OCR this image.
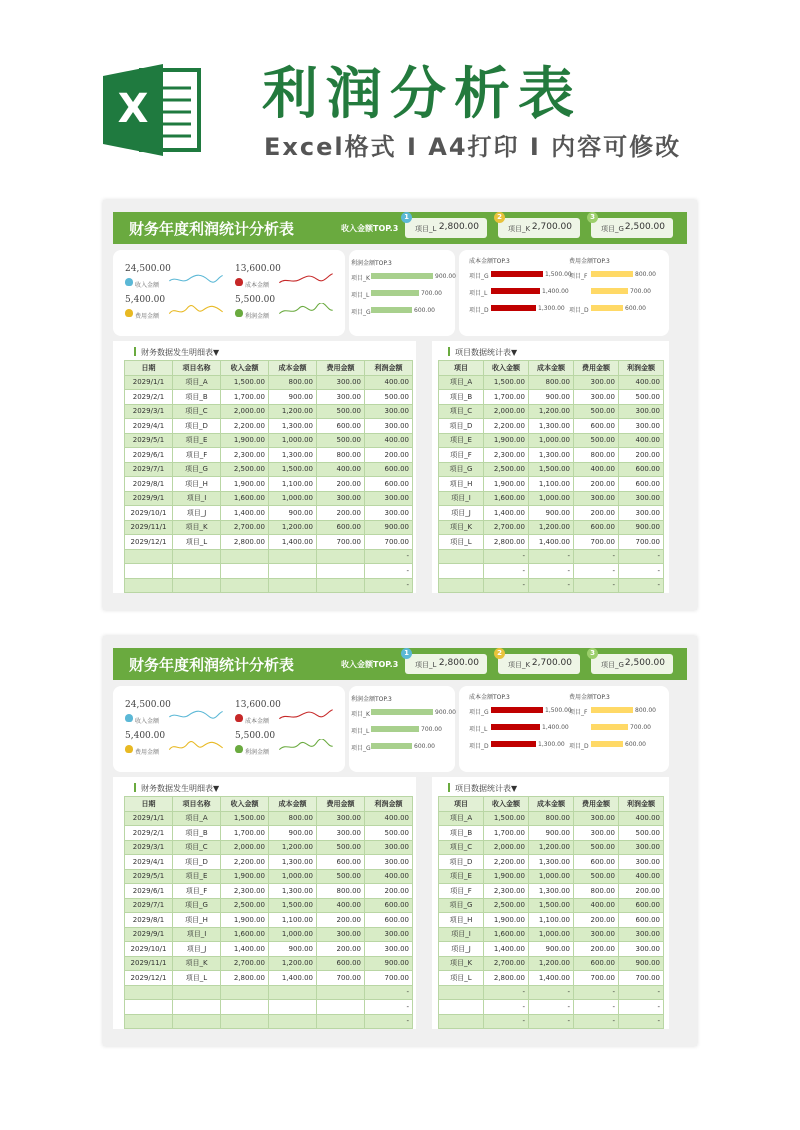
X 利润分析表
Excel格式 I A4打印 I 内容可修改
财务年度利润统计分析表	收入金额TOP.3
1
项目_L 2,800.00
2
项目_K 2,700.00
3
项目_G 2,500.00
24,500.00
收入金额
13,600.00
成本金额
5,400.00
费用金额
5,500.00
利润金额
利润金额TOP.3
项目_K	900.00
项目_L	700.00
项目_G	600.00
成本金额TOP.3
项目_G	1,500.00
项目_L	1,400.00
项目_D	1,300.00
费用金额TOP.3
项目_F	800.00
700.00
项目_D	600.00
财务数据发生明细表▼
日期	项目名称	收入金额	成本金额	费用金额	利润金额
2029/1/1	项目_A	1,500.00	800.00	300.00	400.00
2029/2/1	项目_B	1,700.00	900.00	300.00	500.00
2029/3/1	项目_C	2,000.00	1,200.00	500.00	300.00
2029/4/1	项目_D	2,200.00	1,300.00	600.00	300.00
2029/5/1	项目_E	1,900.00	1,000.00	500.00	400.00
2029/6/1	项目_F	2,300.00	1,300.00	800.00	200.00
2029/7/1	项目_G	2,500.00	1,500.00	400.00	600.00
2029/8/1	项目_H	1,900.00	1,100.00	200.00	600.00
2029/9/1	项目_I	1,600.00	1,000.00	300.00	300.00
2029/10/1	项目_J	1,400.00	900.00	200.00	300.00
2029/11/1	项目_K	2,700.00	1,200.00	600.00	900.00
2029/12/1	项目_L	2,800.00	1,400.00	700.00	700.00
					-
					-
					-
项目数据统计表▼
项目	收入金额	成本金额	费用金额	利润金额
项目_A	1,500.00	800.00	300.00	400.00
项目_B	1,700.00	900.00	300.00	500.00
项目_C	2,000.00	1,200.00	500.00	300.00
项目_D	2,200.00	1,300.00	600.00	300.00
项目_E	1,900.00	1,000.00	500.00	400.00
项目_F	2,300.00	1,300.00	800.00	200.00
项目_G	2,500.00	1,500.00	400.00	600.00
项目_H	1,900.00	1,100.00	200.00	600.00
项目_I	1,600.00	1,000.00	300.00	300.00
项目_J	1,400.00	900.00	200.00	300.00
项目_K	2,700.00	1,200.00	600.00	900.00
项目_L	2,800.00	1,400.00	700.00	700.00
	-	-	-	-
	-	-	-	-
	-	-	-	-
财务年度利润统计分析表	收入金额TOP.3
1
项目_L 2,800.00
2
项目_K 2,700.00
3
项目_G 2,500.00
24,500.00
收入金额
13,600.00
成本金额
5,400.00
费用金额
5,500.00
利润金额
利润金额TOP.3
项目_K	900.00
项目_L	700.00
项目_G	600.00
成本金额TOP.3
项目_G	1,500.00
项目_L	1,400.00
项目_D	1,300.00
费用金额TOP.3
项目_F	800.00
700.00
项目_D	600.00
财务数据发生明细表▼
日期	项目名称	收入金额	成本金额	费用金额	利润金额
2029/1/1	项目_A	1,500.00	800.00	300.00	400.00
2029/2/1	项目_B	1,700.00	900.00	300.00	500.00
2029/3/1	项目_C	2,000.00	1,200.00	500.00	300.00
2029/4/1	项目_D	2,200.00	1,300.00	600.00	300.00
2029/5/1	项目_E	1,900.00	1,000.00	500.00	400.00
2029/6/1	项目_F	2,300.00	1,300.00	800.00	200.00
2029/7/1	项目_G	2,500.00	1,500.00	400.00	600.00
2029/8/1	项目_H	1,900.00	1,100.00	200.00	600.00
2029/9/1	项目_I	1,600.00	1,000.00	300.00	300.00
2029/10/1	项目_J	1,400.00	900.00	200.00	300.00
2029/11/1	项目_K	2,700.00	1,200.00	600.00	900.00
2029/12/1	项目_L	2,800.00	1,400.00	700.00	700.00
					-
					-
					-
项目数据统计表▼
项目	收入金额	成本金额	费用金额	利润金额
项目_A	1,500.00	800.00	300.00	400.00
项目_B	1,700.00	900.00	300.00	500.00
项目_C	2,000.00	1,200.00	500.00	300.00
项目_D	2,200.00	1,300.00	600.00	300.00
项目_E	1,900.00	1,000.00	500.00	400.00
项目_F	2,300.00	1,300.00	800.00	200.00
项目_G	2,500.00	1,500.00	400.00	600.00
项目_H	1,900.00	1,100.00	200.00	600.00
项目_I	1,600.00	1,000.00	300.00	300.00
项目_J	1,400.00	900.00	200.00	300.00
项目_K	2,700.00	1,200.00	600.00	900.00
项目_L	2,800.00	1,400.00	700.00	700.00
	-	-	-	-
	-	-	-	-
	-	-	-	-
